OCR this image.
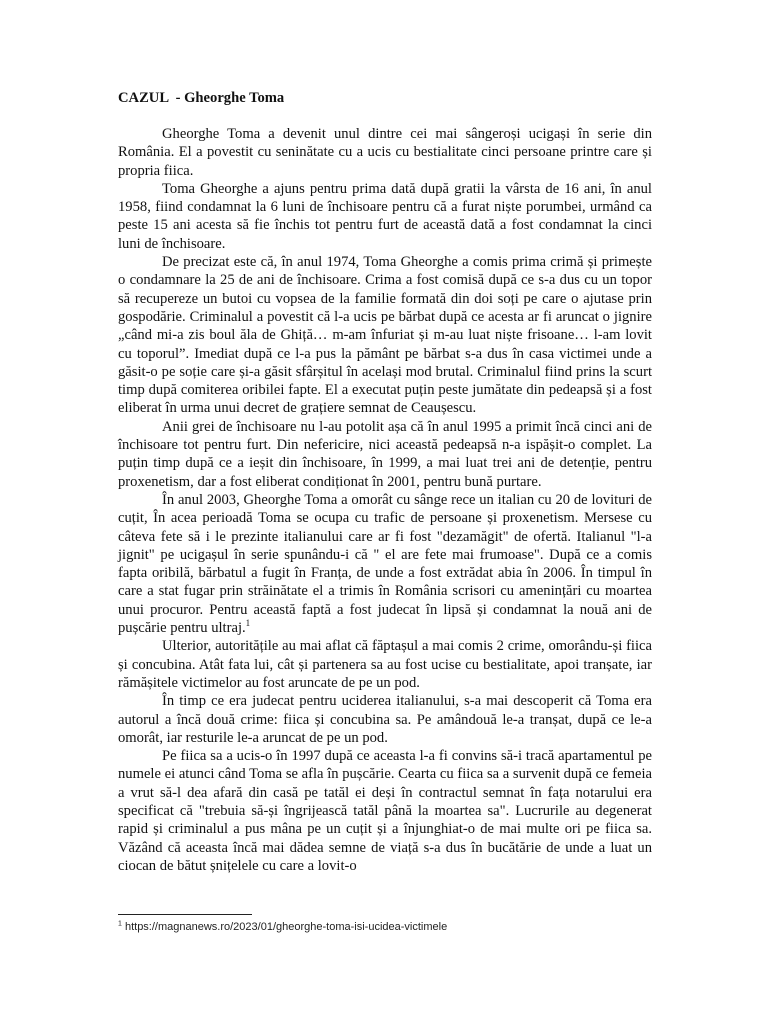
CAZUL  - Gheorghe Toma

Gheorghe Toma a devenit unul dintre cei mai sângeroși ucigași în serie din România. El a povestit cu seninătate cu a ucis cu bestialitate cinci persoane printre care și propria fiica.

Toma Gheorghe a ajuns pentru prima dată după gratii la vârsta de 16 ani, în anul 1958, fiind condamnat la 6 luni de închisoare pentru că a furat niște porumbei, urmând ca peste 15 ani acesta să fie închis tot pentru furt de această dată a fost condamnat la cinci luni de închisoare.

De precizat este că, în anul 1974, Toma Gheorghe a comis prima crimă și primește o condamnare la 25 de ani de închisoare. Crima a fost comisă după ce s-a dus cu un topor să recupereze un butoi cu vopsea de la familie formată din doi soți pe care o ajutase prin gospodărie. Criminalul a povestit că l-a ucis pe bărbat după ce acesta ar fi aruncat o jignire „când mi-a zis boul ăla de Ghiță… m-am înfuriat și m-au luat niște frisoane… l-am lovit cu toporul”. Imediat după ce l-a pus la pământ pe bărbat s-a dus în casa victimei unde a găsit-o pe soție care și-a găsit sfârșitul în același mod brutal. Criminalul fiind prins la scurt timp după comiterea oribilei fapte. El a executat puțin peste jumătate din pedeapsă și a fost eliberat în urma unui decret de grațiere semnat de Ceaușescu.

Anii grei de închisoare nu l-au potolit așa că în anul 1995 a primit încă cinci ani de închisoare tot pentru furt. Din nefericire, nici această pedeapsă n-a ispășit-o complet. La puțin timp după ce a ieșit din închisoare, în 1999, a mai luat trei ani de detenție, pentru proxenetism, dar a fost eliberat condiționat în 2001, pentru bună purtare.

În anul 2003, Gheorghe Toma a omorât cu sânge rece un italian cu 20 de lovituri de cuțit, În acea perioadă Toma se ocupa cu trafic de persoane și proxenetism. Mersese cu câteva fete să i le prezinte italianului care ar fi fost "dezamăgit" de ofertă. Italianul "l-a jignit" pe ucigașul în serie spunându-i că " el are fete mai frumoase". După ce a comis fapta oribilă, bărbatul a fugit în Franța, de unde a fost extrădat abia în 2006. În timpul în care a stat fugar prin străinătate el a trimis în România scrisori cu amenințări cu moartea unui procuror. Pentru această faptă a fost judecat în lipsă și condamnat la nouă ani de pușcărie pentru ultraj.$^1$

Ulterior, autoritățile au mai aflat că făptașul a mai comis 2 crime, omorându-și fiica și concubina. Atât fata lui, cât și partenera sa au fost ucise cu bestialitate, apoi tranșate, iar rămășitele victimelor au fost aruncate de pe un pod.

În timp ce era judecat pentru uciderea italianului, s-a mai descoperit că Toma era autorul a încă două crime: fiica și concubina sa. Pe amândouă le-a tranșat, după ce le-a omorât, iar resturile le-a aruncat de pe un pod.

Pe fiica sa a ucis-o în 1997 după ce aceasta l-a fi convins să-i tracă apartamentul pe numele ei atunci când Toma se afla în pușcărie. Cearta cu fiica sa a survenit după ce femeia a vrut să-l dea afară din casă pe tatăl ei deși în contractul semnat în fața notarului era specificat că "trebuia să-și îngrijească tatăl până la moartea sa". Lucrurile au degenerat rapid și criminalul a pus mâna pe un cuțit și a înjunghiat-o de mai multe ori pe fiica sa. Văzând că aceasta încă mai dădea semne de viață s-a dus în bucătărie de unde a luat un ciocan de bătut șnițelele cu care a lovit-o

$^1$ https://magnanews.ro/2023/01/gheorghe-toma-isi-ucidea-victimele
